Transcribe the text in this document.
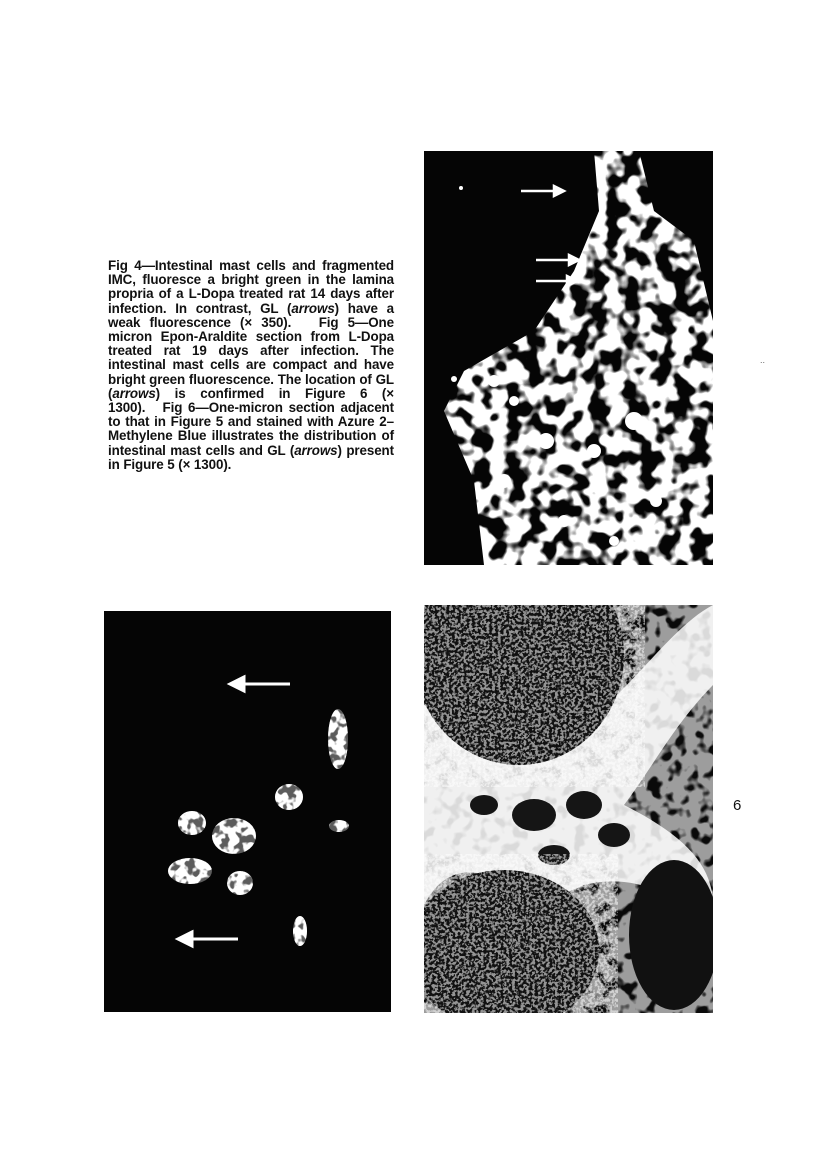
Fig 4—Intestinal mast cells and fragmented IMC, fluoresce a bright green in the lamina propria of a L-Dopa treated rat 14 days after infection. In contrast, GL (arrows) have a weak fluorescence (× 350). Fig 5—One micron Epon-Araldite section from L-Dopa treated rat 19 days after infection. The intestinal mast cells are compact and have bright green fluorescence. The location of GL (arrows) is confirmed in Figure 6 (× 1300). Fig 6—One-micron section adjacent to that in Figure 5 and stained with Azure 2–Methylene Blue illustrates the distribution of intestinal mast cells and GL (arrows) present in Figure 5 (× 1300).
..
6
